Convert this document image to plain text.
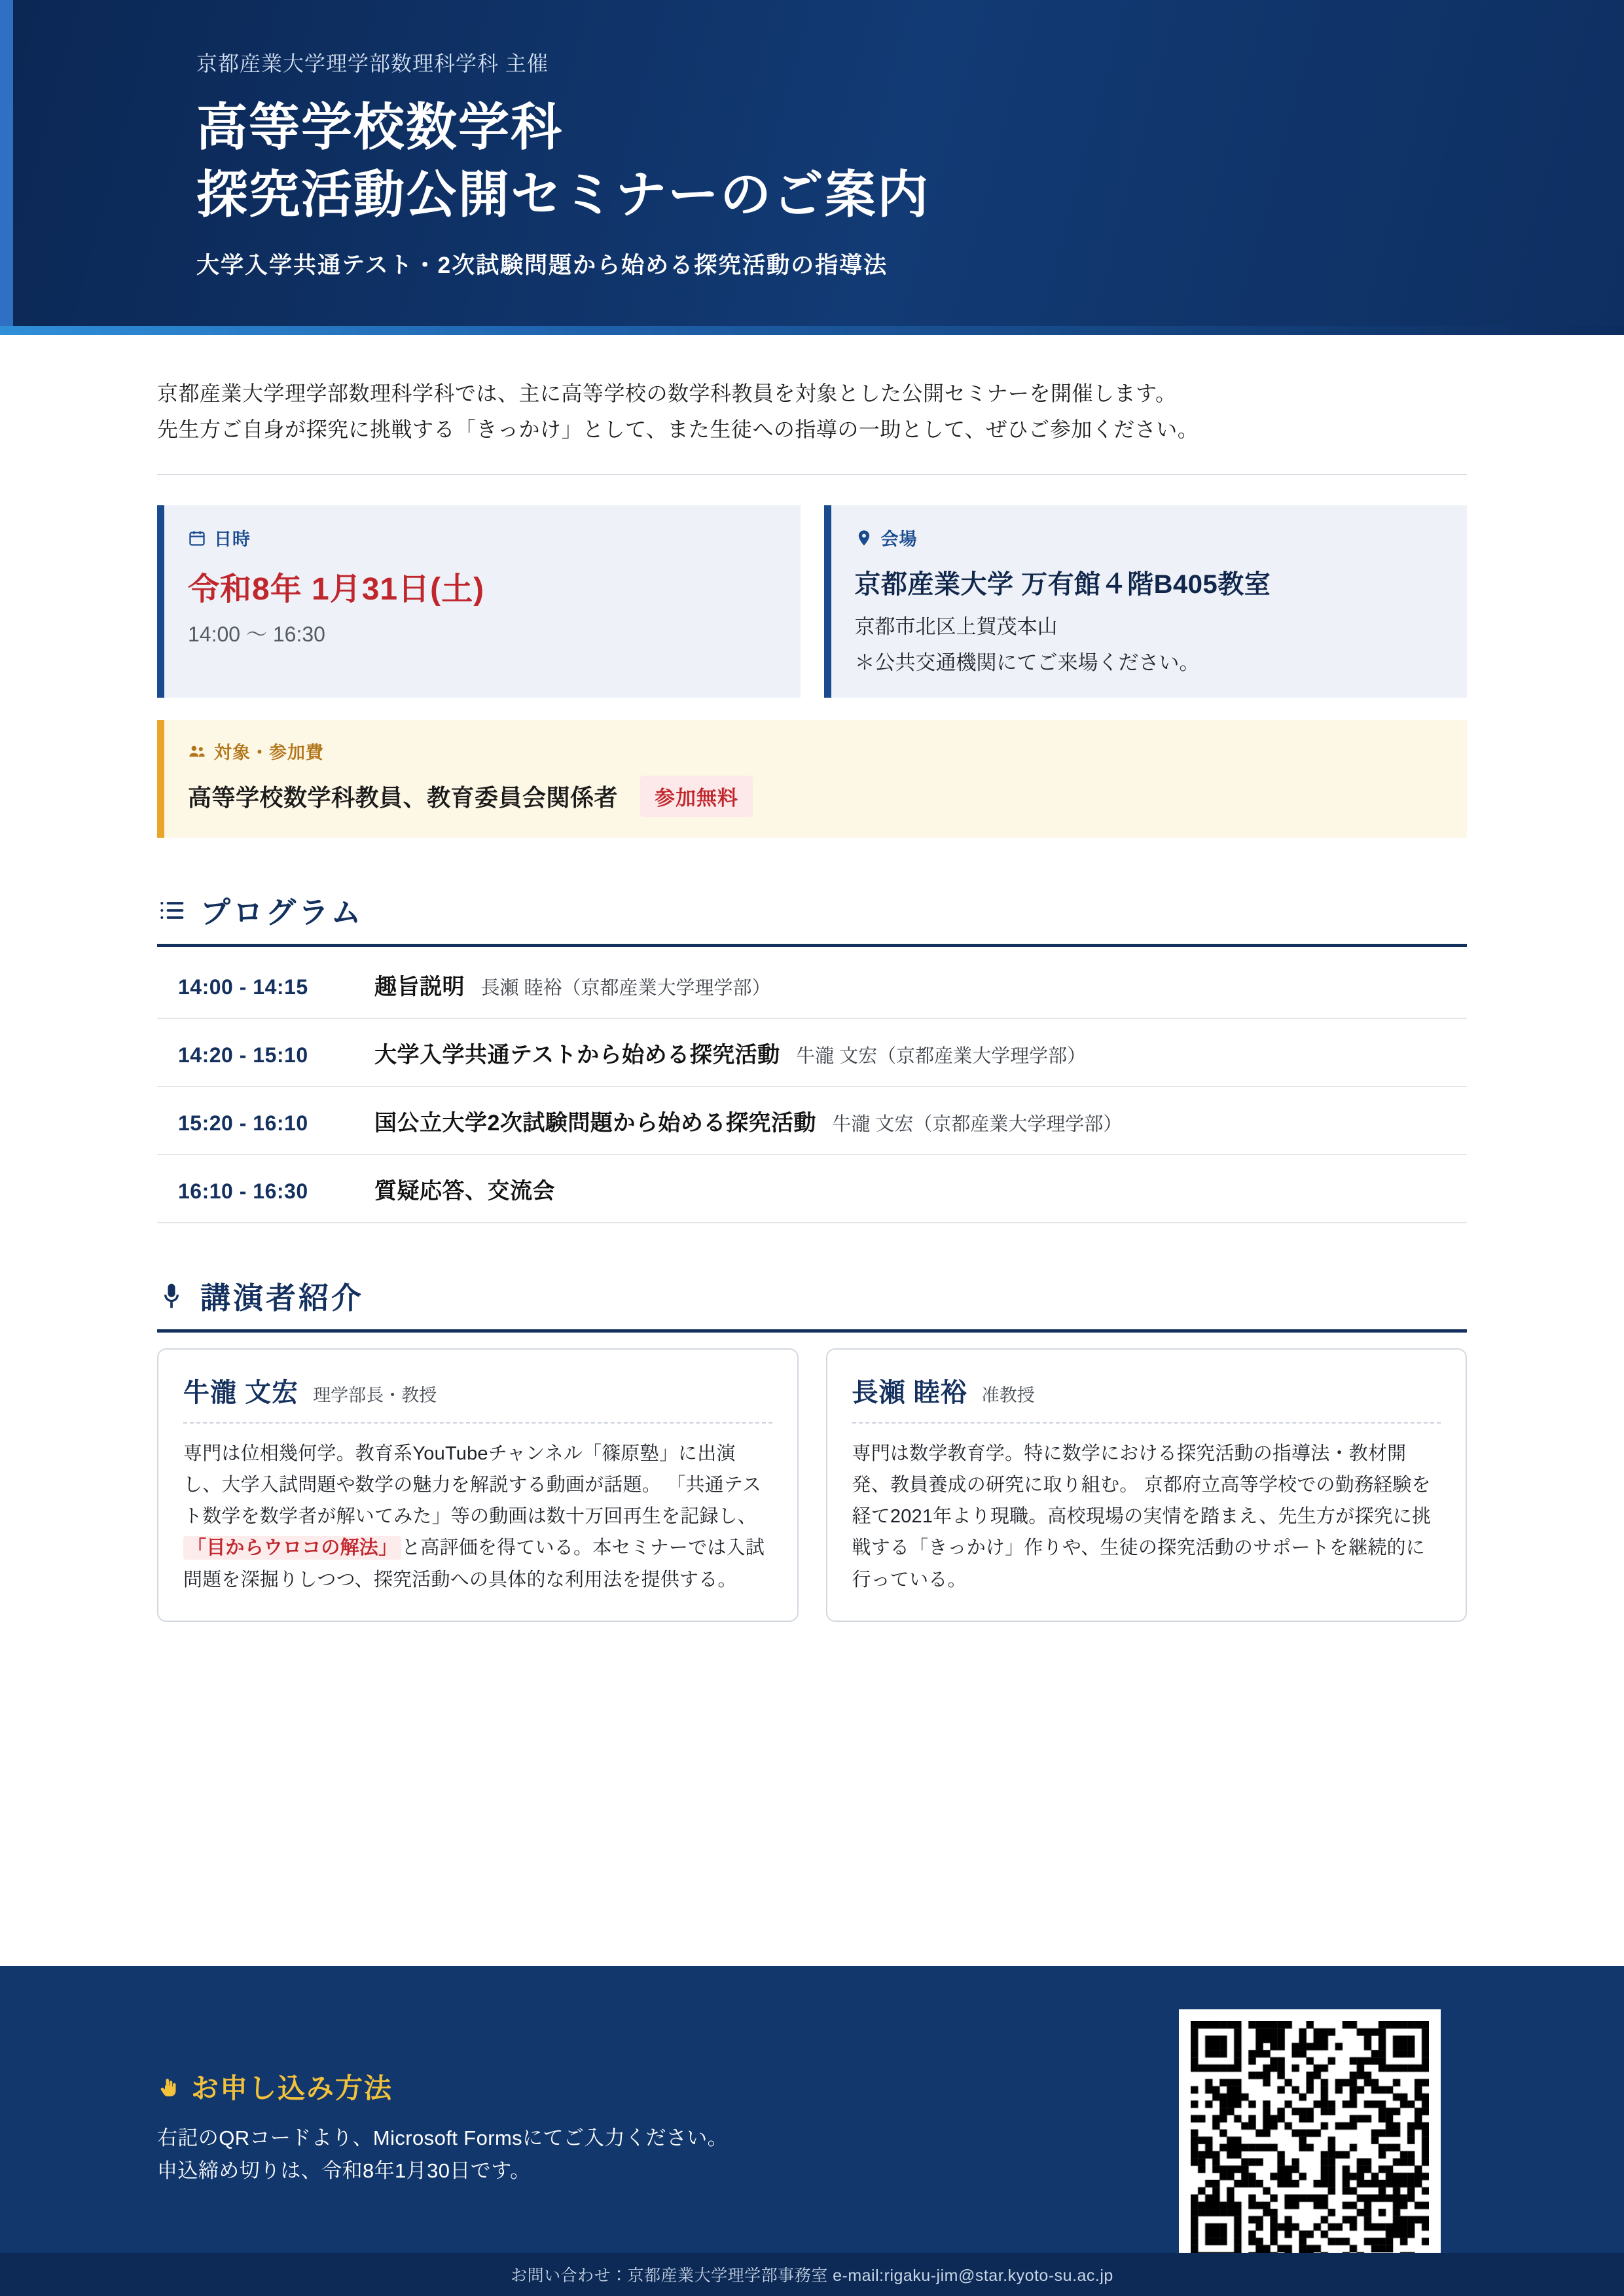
京都産業大学理学部数理科学科 主催
高等学校数学科
探究活動公開セミナーのご案内
大学入学共通テスト・2次試験問題から始める探究活動の指導法
京都産業大学理学部数理科学科では、主に高等学校の数学科教員を対象とした公開セミナーを開催します。
先生方ご自身が探究に挑戦する「きっかけ」として、また生徒への指導の一助として、ぜひご参加ください。
日時
令和8年 1月31日(土)
14:00 〜 16:30
会場
京都産業大学 万有館４階B405教室
京都市北区上賀茂本山
＊公共交通機関にてご来場ください。
対象・参加費
高等学校数学科教員、教育委員会関係者	参加無料
プログラム
14:00 - 14:15	趣旨説明 長瀬 睦裕（京都産業大学理学部）
14:20 - 15:10	大学入学共通テストから始める探究活動 牛瀧 文宏（京都産業大学理学部）
15:20 - 16:10	国公立大学2次試験問題から始める探究活動 牛瀧 文宏（京都産業大学理学部）
16:10 - 16:30	質疑応答、交流会
講演者紹介
牛瀧 文宏 理学部長・教授
専門は位相幾何学。教育系YouTubeチャンネル「篠原塾」に出演し、大学入試問題や数学の魅力を解説する動画が話題。 「共通テスト数学を数学者が解いてみた」等の動画は数十万回再生を記録し、「目からウロコの解法」 と高評価を得ている。本セミナーでは入試問題を深掘りしつつ、探究活動への具体的な利用法を提供する。
長瀬 睦裕 准教授
専門は数学教育学。特に数学における探究活動の指導法・教材開発、教員養成の研究に取り組む。 京都府立高等学校での勤務経験を経て2021年より現職。高校現場の実情を踏まえ、先生方が探究に挑戦する「きっかけ」作りや、生徒の探究活動のサポートを継続的に行っている。
お申し込み方法
右記のQRコードより、Microsoft Formsにてご入力ください。
申込締め切りは、令和8年1月30日です。
お問い合わせ：京都産業大学理学部事務室 e-mail:rigaku-jim@star.kyoto-su.ac.jp
